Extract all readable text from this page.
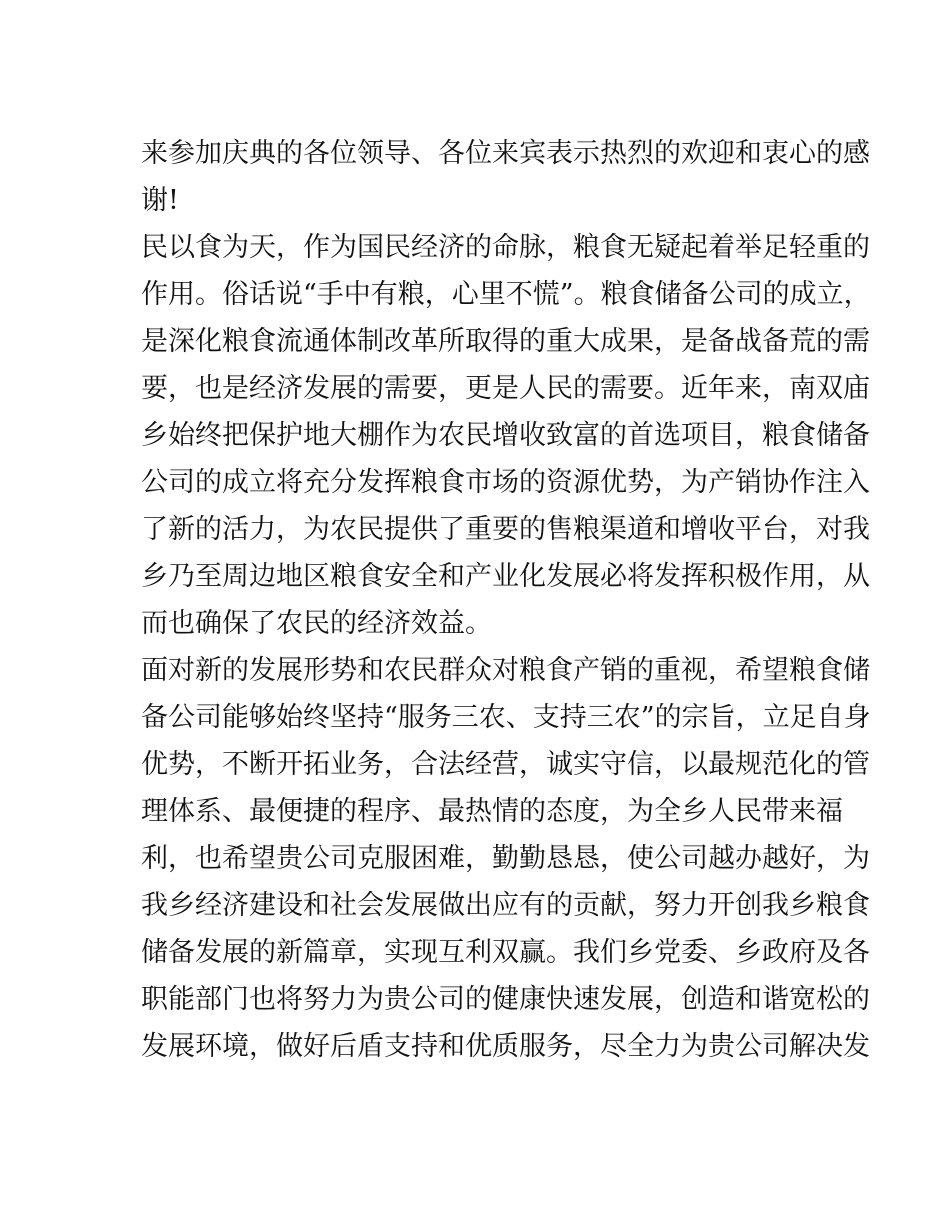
来参加庆典的各位领导、各位来宾表示热烈的欢迎和衷心的感
谢!
民以食为天，作为国民经济的命脉，粮食无疑起着举足轻重的
作用。俗话说“手中有粮，心里不慌”。粮食储备公司的成立，
是深化粮食流通体制改革所取得的重大成果，是备战备荒的需
要，也是经济发展的需要，更是人民的需要。近年来，南双庙
乡始终把保护地大棚作为农民增收致富的首选项目，粮食储备
公司的成立将充分发挥粮食市场的资源优势，为产销协作注入
了新的活力，为农民提供了重要的售粮渠道和增收平台，对我
乡乃至周边地区粮食安全和产业化发展必将发挥积极作用，从
而也确保了农民的经济效益。
面对新的发展形势和农民群众对粮食产销的重视，希望粮食储
备公司能够始终坚持“服务三农、支持三农”的宗旨，立足自身
优势，不断开拓业务，合法经营，诚实守信，以最规范化的管
理体系、最便捷的程序、最热情的态度，为全乡人民带来福
利，也希望贵公司克服困难，勤勤恳恳，使公司越办越好，为
我乡经济建设和社会发展做出应有的贡献，努力开创我乡粮食
储备发展的新篇章，实现互利双赢。我们乡党委、乡政府及各
职能部门也将努力为贵公司的健康快速发展，创造和谐宽松的
发展环境，做好后盾支持和优质服务，尽全力为贵公司解决发
